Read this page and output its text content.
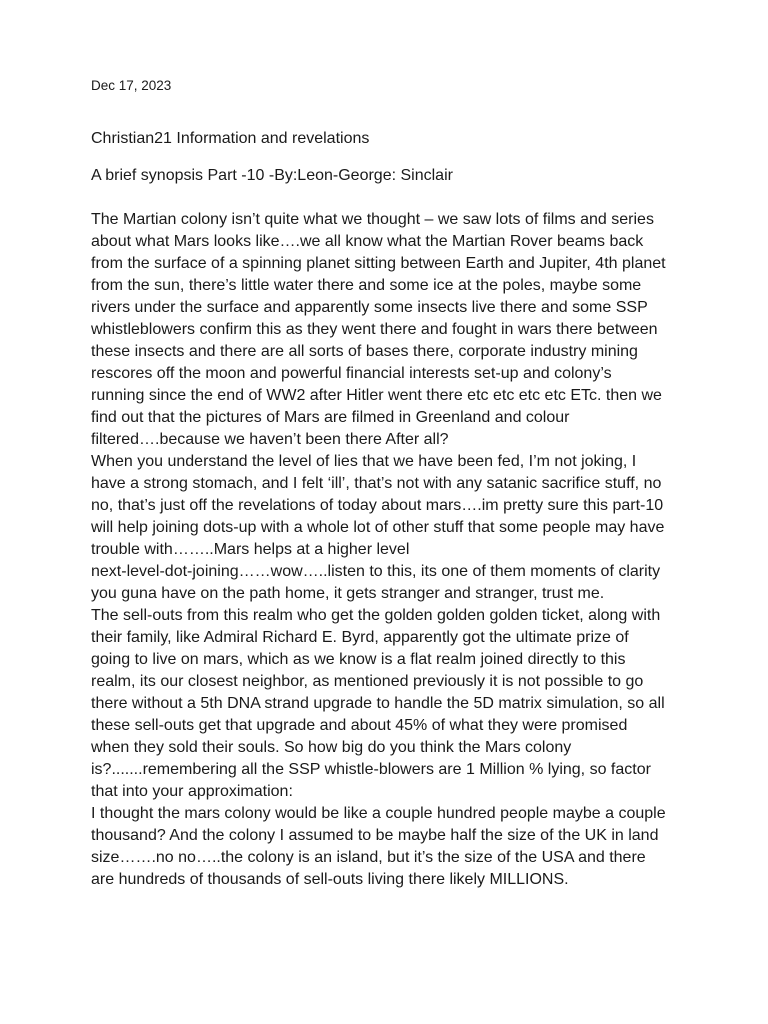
Dec 17, 2023

Christian21 Information and revelations
A brief synopsis Part -10 -By:Leon-George: Sinclair

The Martian colony isn’t quite what we thought – we saw lots of films and series
about what Mars looks like….we all know what the Martian Rover beams back
from the surface of a spinning planet sitting between Earth and Jupiter, 4th planet
from the sun, there’s little water there and some ice at the poles, maybe some
rivers under the surface and apparently some insects live there and some SSP
whistleblowers confirm this as they went there and fought in wars there between
these insects and there are all sorts of bases there, corporate industry mining
rescores off the moon and powerful financial interests set-up and colony’s
running since the end of WW2 after Hitler went there etc etc etc etc ETc. then we
find out that the pictures of Mars are filmed in Greenland and colour
filtered….because we haven’t been there After all?

When you understand the level of lies that we have been fed, I’m not joking, I
have a strong stomach, and I felt ‘ill’, that’s not with any satanic sacrifice stuff, no
no, that’s just off the revelations of today about mars….im pretty sure this part-10
will help joining dots-up with a whole lot of other stuff that some people may have
trouble with……..Mars helps at a higher level
next-level-dot-joining……wow…..listen to this, its one of them moments of clarity
you guna have on the path home, it gets stranger and stranger, trust me.

The sell-outs from this realm who get the golden golden golden ticket, along with
their family, like Admiral Richard E. Byrd, apparently got the ultimate prize of
going to live on mars, which as we know is a flat realm joined directly to this
realm, its our closest neighbor, as mentioned previously it is not possible to go
there without a 5th DNA strand upgrade to handle the 5D matrix simulation, so all
these sell-outs get that upgrade and about 45% of what they were promised
when they sold their souls. So how big do you think the Mars colony
is?.......remembering all the SSP whistle-blowers are 1 Million % lying, so factor
that into your approximation:

I thought the mars colony would be like a couple hundred people maybe a couple
thousand? And the colony I assumed to be maybe half the size of the UK in land
size…….no no…..the colony is an island, but it’s the size of the USA and there
are hundreds of thousands of sell-outs living there likely MILLIONS.
